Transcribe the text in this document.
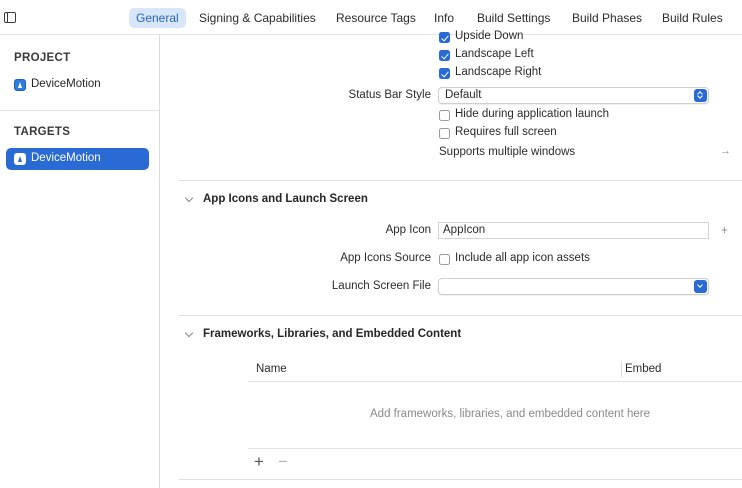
General	Signing & Capabilities	Resource Tags	Info	Build Settings	Build Phases	Build Rules
PROJECT
DeviceMotion
TARGETS
DeviceMotion
Upside Down
Landscape Left
Landscape Right
Status Bar Style Default
Hide during application launch
Requires full screen
Supports multiple windows	→
App Icons and Launch Screen
App Icon AppIcon	+
App Icons Source Include all app icon assets
Launch Screen File
Frameworks, Libraries, and Embedded Content
Name	Embed
Add frameworks, libraries, and embedded content here
+ −
